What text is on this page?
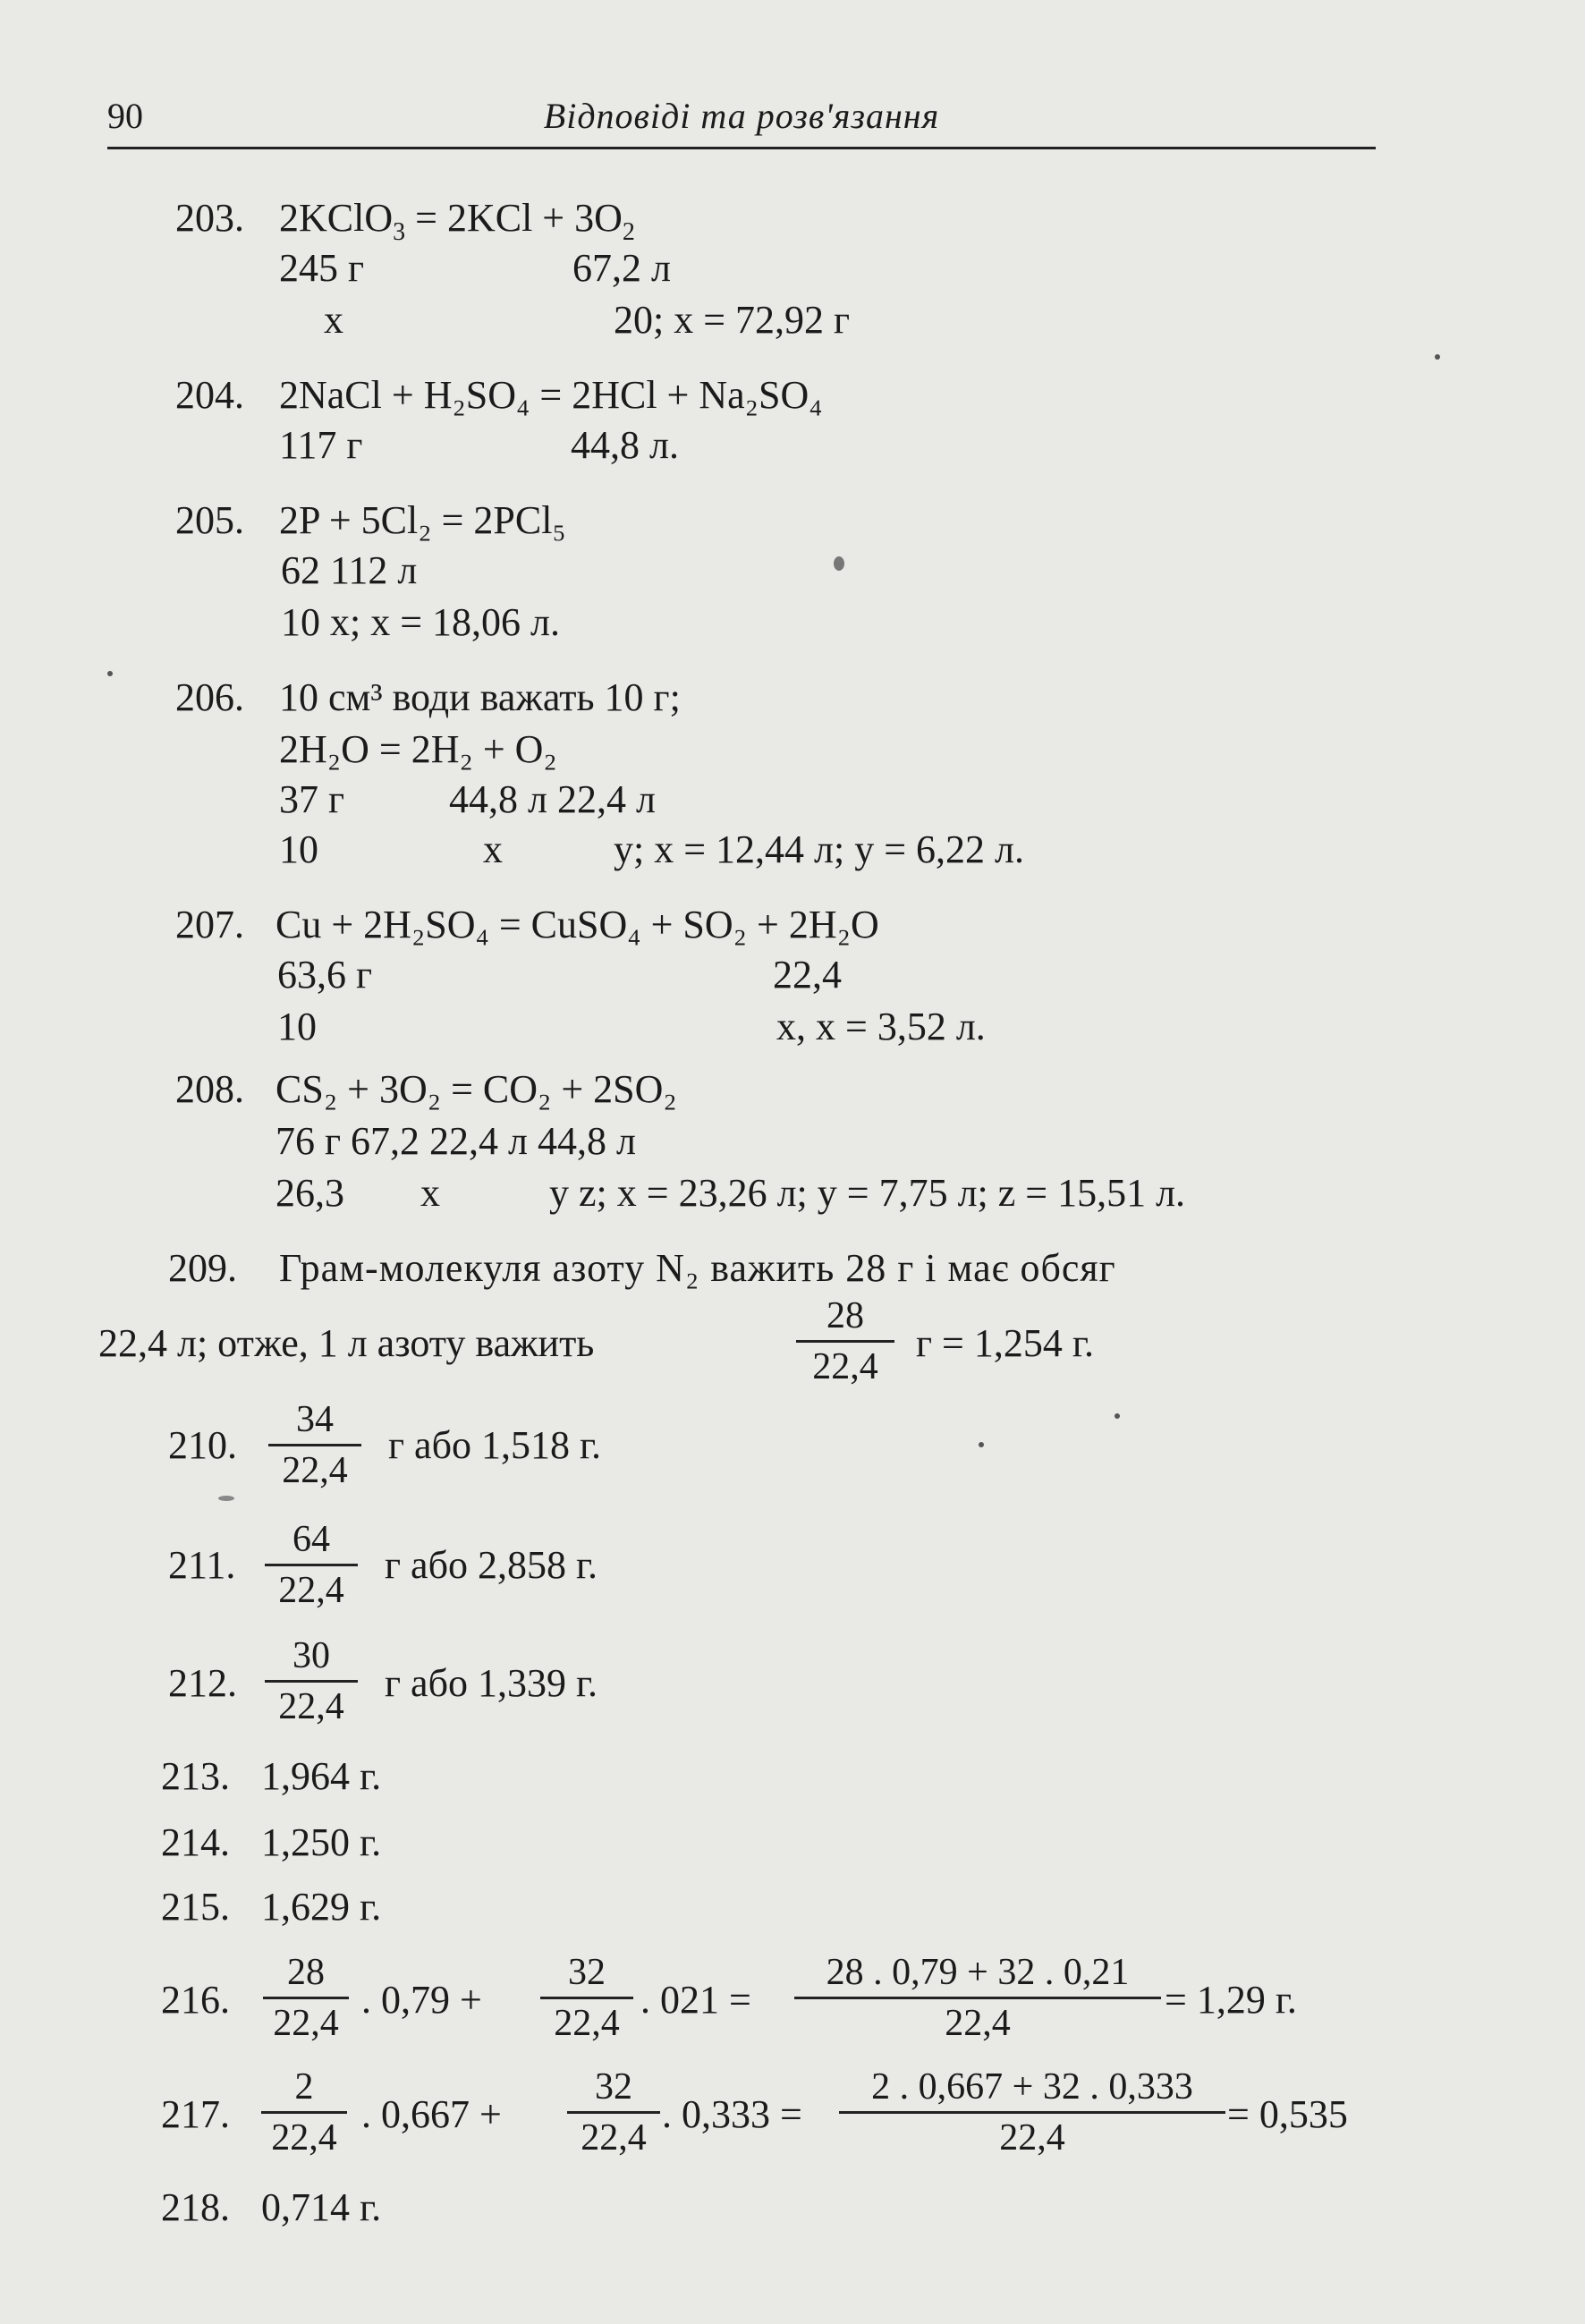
90	Відповіді та розв'язання
203. 2KClO$_3$ = $2KCl + 3O_2$
245 г	67,2 л
x	20; x = 72,92 г
204. 2NaCl + H₂SO₄ = 2HCl + Na₂SO₄
117 г	44,8 л.
205. 2P + 5Cl₂ = 2PCl₅
62 112 л
10 x; x = 18,06 л.
206. 10 см³ води важать 10 г;
2H₂O = 2H₂ + O₂
37 г	44,8 л 22,4 л
10	x	y; x = 12,44 л; y = 6,22 л.
207. Cu + 2H₂SO₄ = CuSO₄ + SO₂ + 2H₂O
63,6 г	22,4
10	x, x = 3,52 л.
208. CS₂ + 3O₂ = CO₂ + 2SO₂
76 г 67,2 22,4 л 44,8 л
26,3 x	y z; x = 23,26 л; y = 7,75 л; z = 15,51 л.
209. Грам-молекуля азоту N₂ важить 28 г і має обсяг
22,4 л; отже, 1 л азоту важить
28
22,4
г = 1,254 г.
210.
34
22,4
г або 1,518 г.
211.
64
22,4
г або 2,858 г.
212.
30
22,4
г або 1,339 г.
213. 1,964 г.
214. 1,250 г.
215. 1,629 г.
216.
28
22,4
. 0,79 +
32
22,4
. 021 =
28 . 0,79 + 32 . 0,21
22,4
= 1,29 г.
217.
2
22,4
. 0,667 +
32
22,4
. 0,333 =
2 . 0,667 + 32 . 0,333
22,4
= 0,535
218. 0,714 г.
